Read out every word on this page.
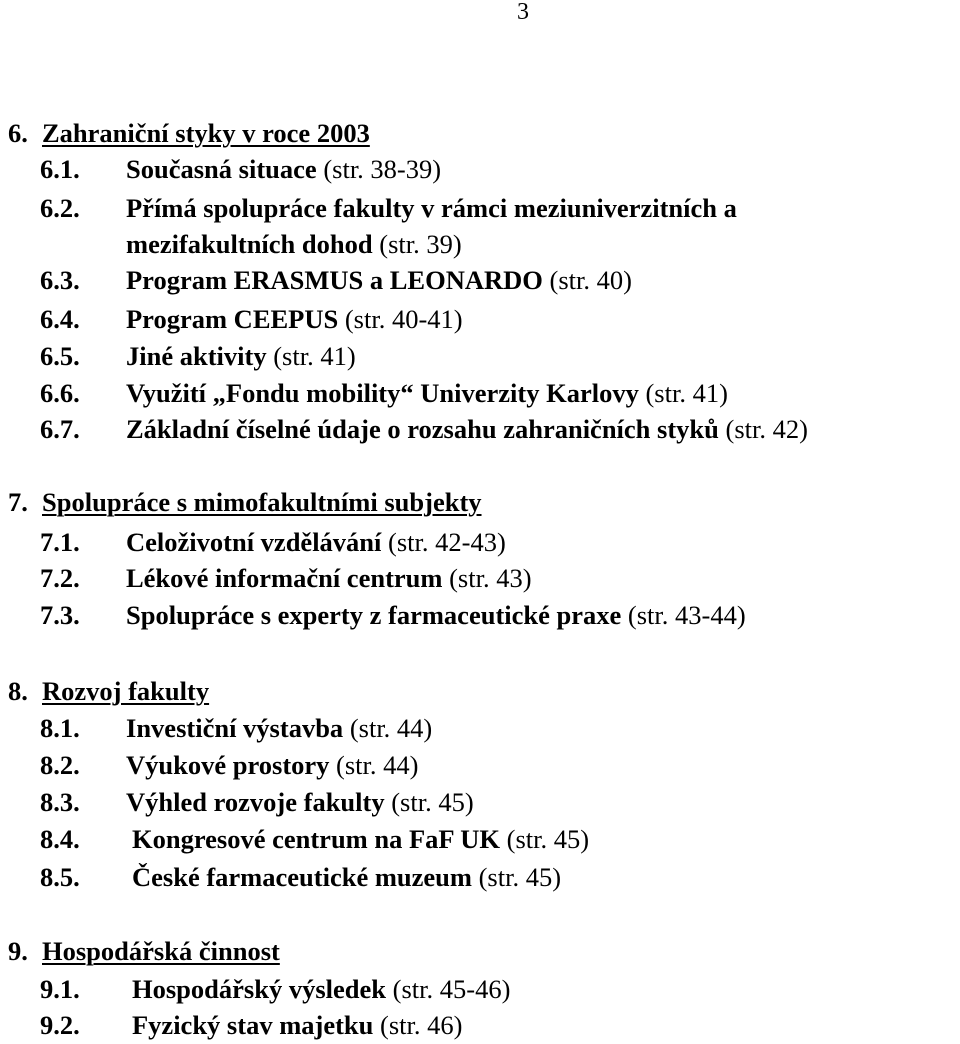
3
6. Zahraniční styky v roce 2003
6.1. Současná situace (str. 38-39)
6.2. Přímá spolupráce fakulty v rámci meziuniverzitních a
mezifakultních dohod (str. 39)
6.3. Program ERASMUS a LEONARDO (str. 40)
6.4. Program CEEPUS (str. 40-41)
6.5. Jiné aktivity (str. 41)
6.6. Využití „Fondu mobility“ Univerzity Karlovy (str. 41)
6.7. Základní číselné údaje o rozsahu zahraničních styků (str. 42)
7. Spolupráce s mimofakultními subjekty
7.1. Celoživotní vzdělávání (str. 42-43)
7.2. Lékové informační centrum (str. 43)
7.3. Spolupráce s experty z farmaceutické praxe (str. 43-44)
8. Rozvoj fakulty
8.1. Investiční výstavba (str. 44)
8.2. Výukové prostory (str. 44)
8.3. Výhled rozvoje fakulty (str. 45)
8.4. Kongresové centrum na FaF UK (str. 45)
8.5. České farmaceutické muzeum (str. 45)
9. Hospodářská činnost
9.1. Hospodářský výsledek (str. 45-46)
9.2. Fyzický stav majetku (str. 46)
